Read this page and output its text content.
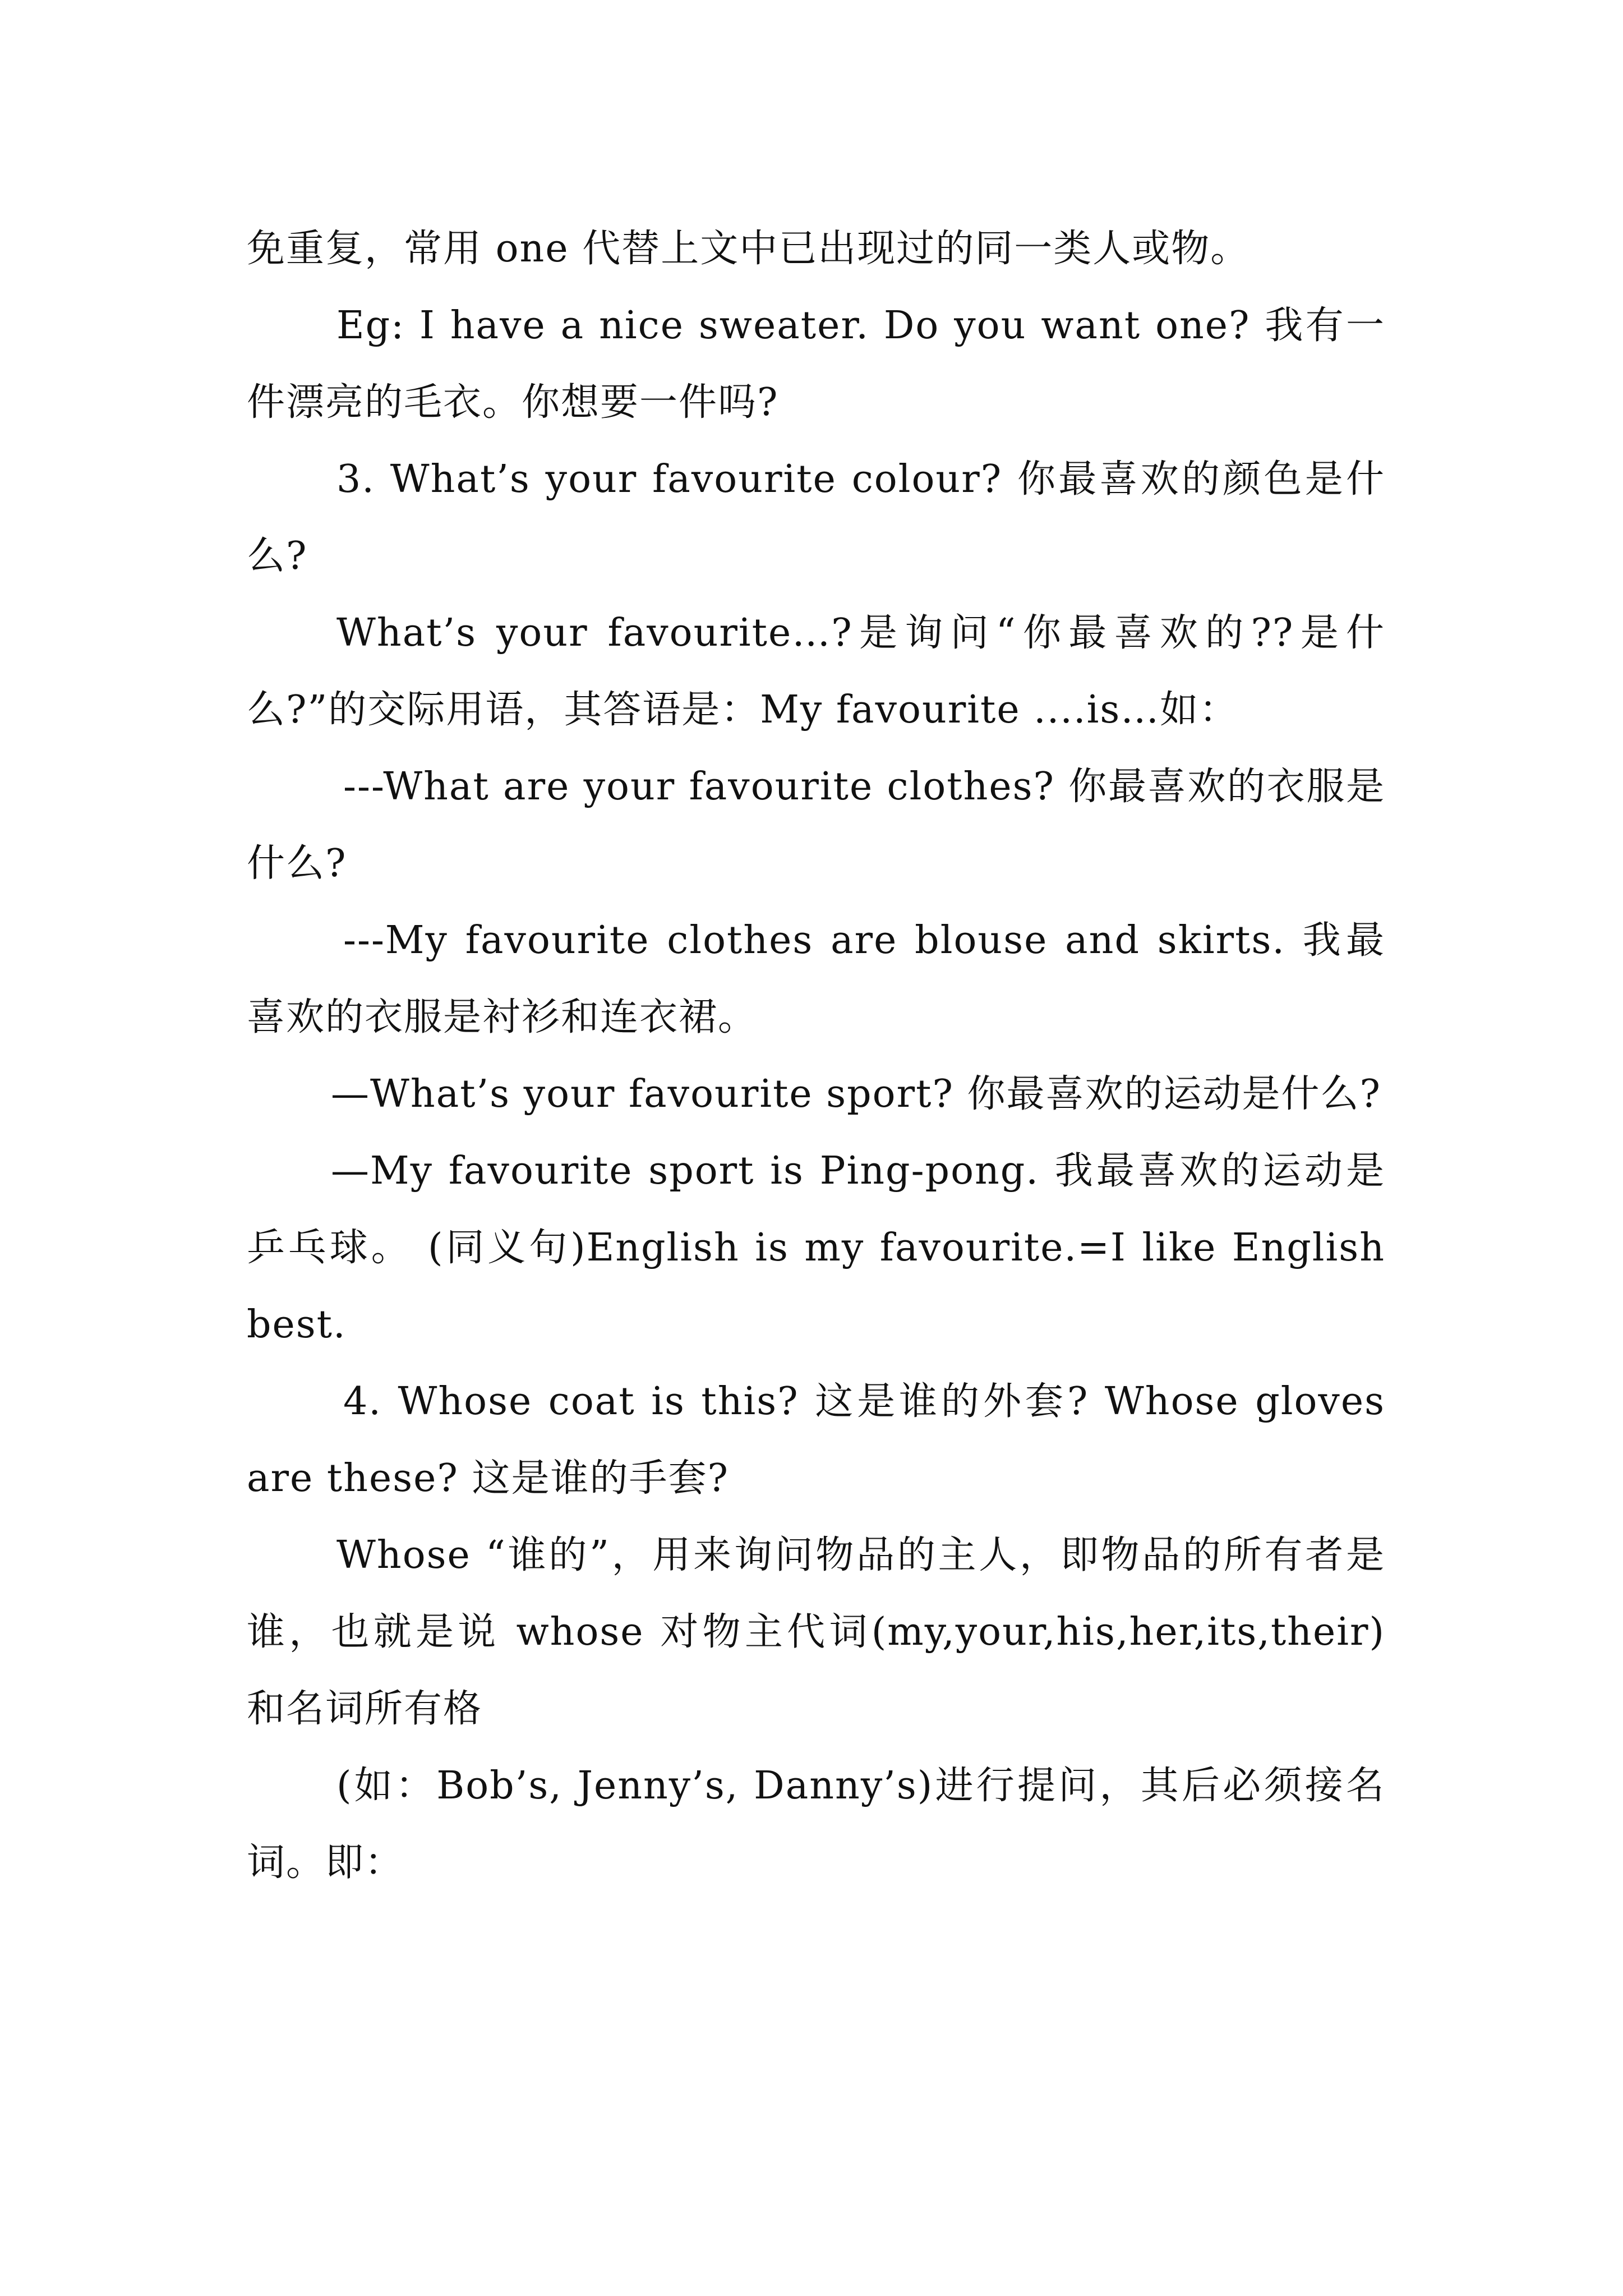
免重复，常用 one 代替上文中已出现过的同一类人或物。

Eg: I have a nice sweater. Do you want one? 我有一件漂亮的毛衣。你想要一件吗?

3. What’s your favourite colour? 你最喜欢的颜色是什么?

What’s your favourite…?是询问“你最喜欢的??是什么?”的交际用语，其答语是：My favourite ....is…如：

---What are your favourite clothes? 你最喜欢的衣服是什么?

---My favourite clothes are blouse and skirts. 我最喜欢的衣服是衬衫和连衣裙。

—What’s your favourite sport? 你最喜欢的运动是什么?

—My favourite sport is Ping-pong. 我最喜欢的运动是乒乓球。 (同义句)English is my favourite.=I like English best.

4. Whose coat is this? 这是谁的外套? Whose gloves are these? 这是谁的手套?

Whose “谁的”，用来询问物品的主人，即物品的所有者是谁，也就是说 whose 对物主代词(my,your,his,her,its,their)和名词所有格

(如：Bob’s, Jenny’s, Danny’s)进行提问，其后必须接名词。即：
